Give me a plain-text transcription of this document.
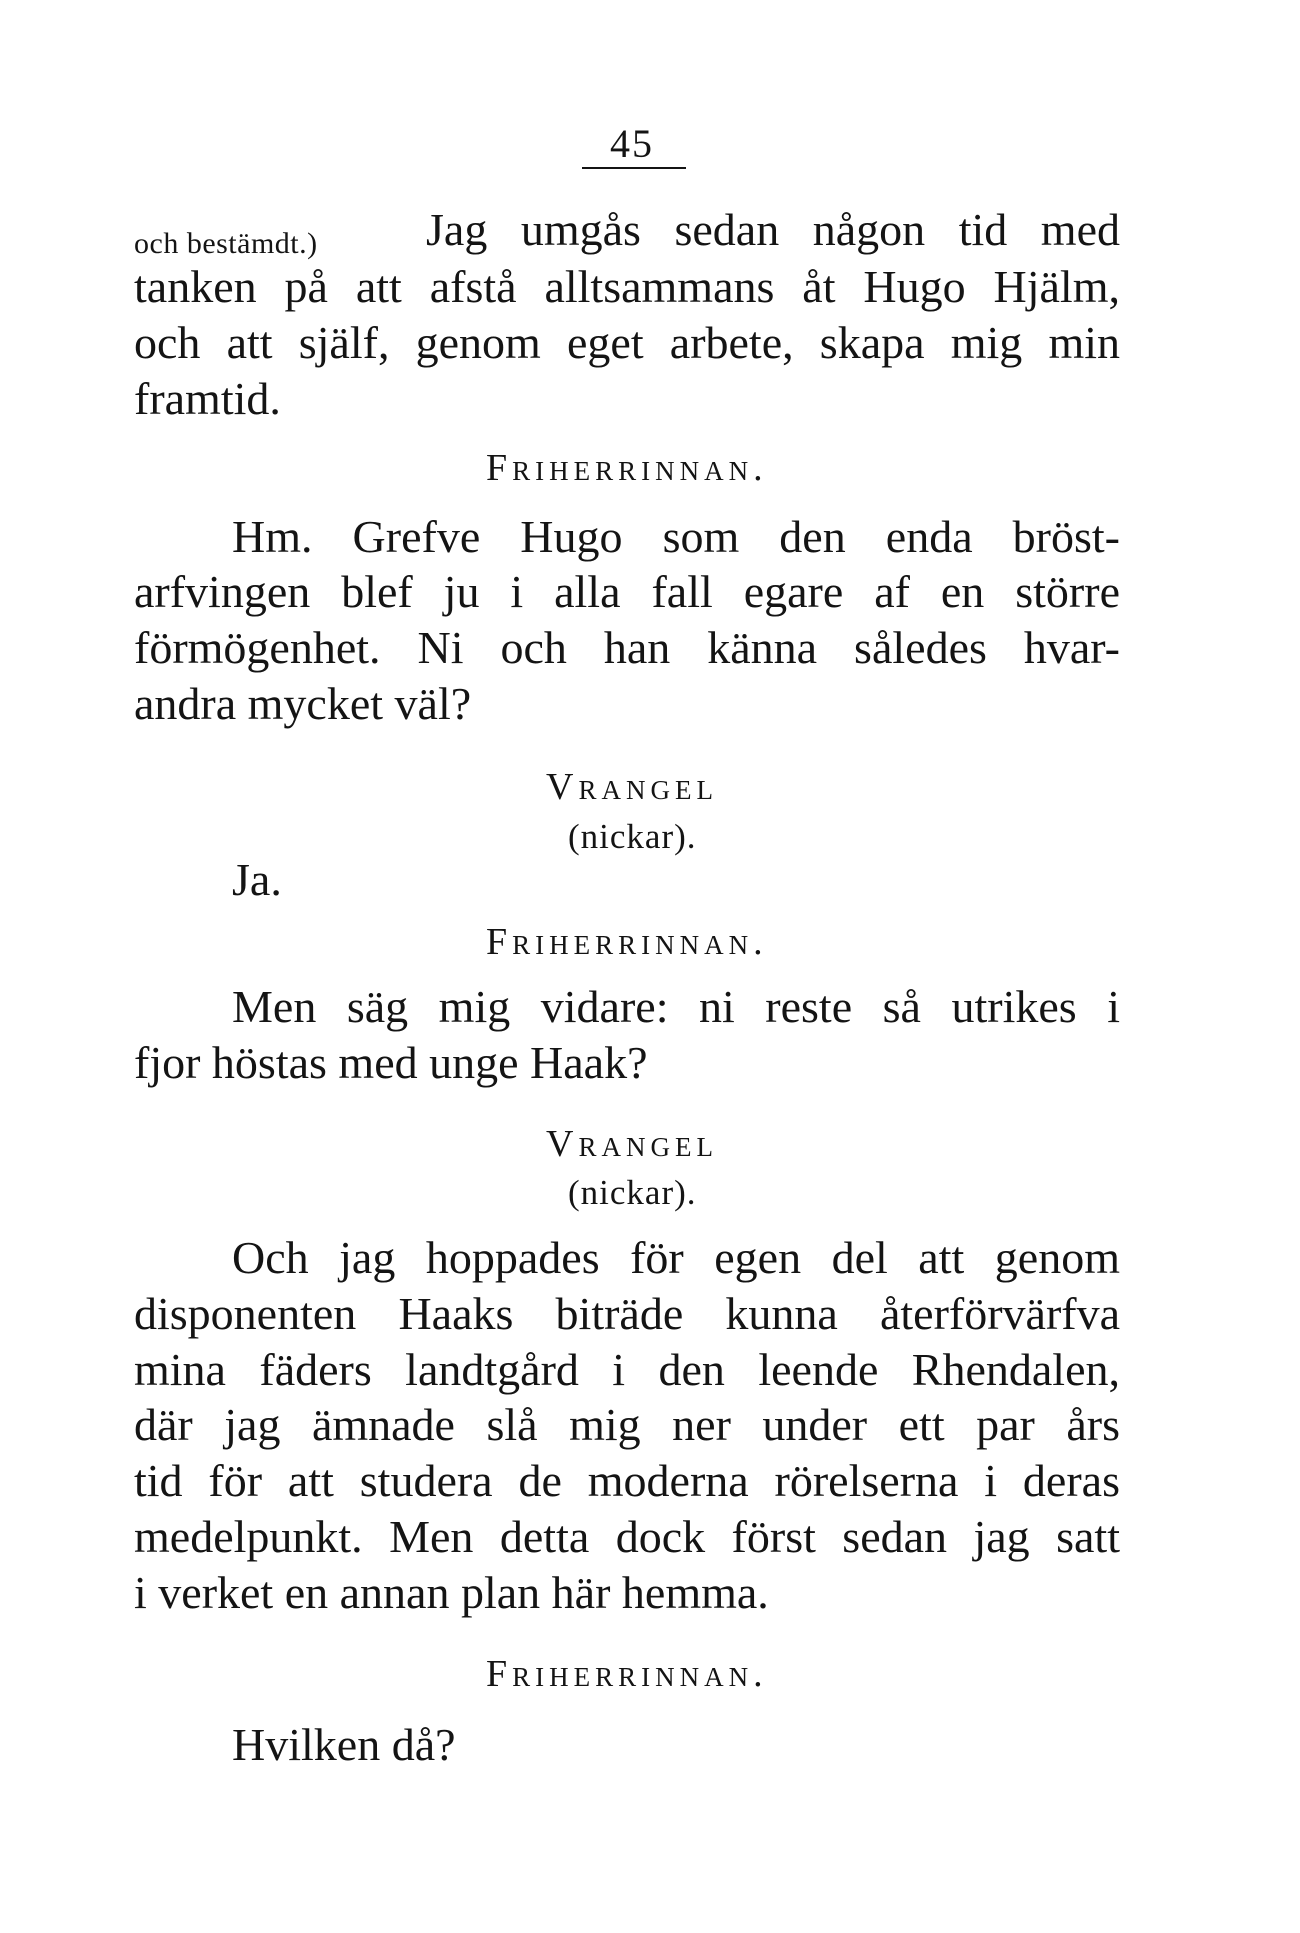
45
och bestämdt.) Jag umgås sedan någon tid med
tanken på att afstå alltsammans åt Hugo Hjälm,
och att själf, genom eget arbete, skapa mig min
framtid.
Friherrinnan.
Hm. Grefve Hugo som den enda bröst-
arfvingen blef ju i alla fall egare af en större
förmögenhet. Ni och han känna således hvar-
andra mycket väl?
Vrangel
(nickar).
Ja.
Friherrinnan.
Men säg mig vidare: ni reste så utrikes i
fjor höstas med unge Haak?
Vrangel
(nickar).
Och jag hoppades för egen del att genom
disponenten Haaks biträde kunna återförvärfva
mina fäders landtgård i den leende Rhendalen,
där jag ämnade slå mig ner under ett par års
tid för att studera de moderna rörelserna i deras
medelpunkt. Men detta dock först sedan jag satt
i verket en annan plan här hemma.
Friherrinnan.
Hvilken då?
